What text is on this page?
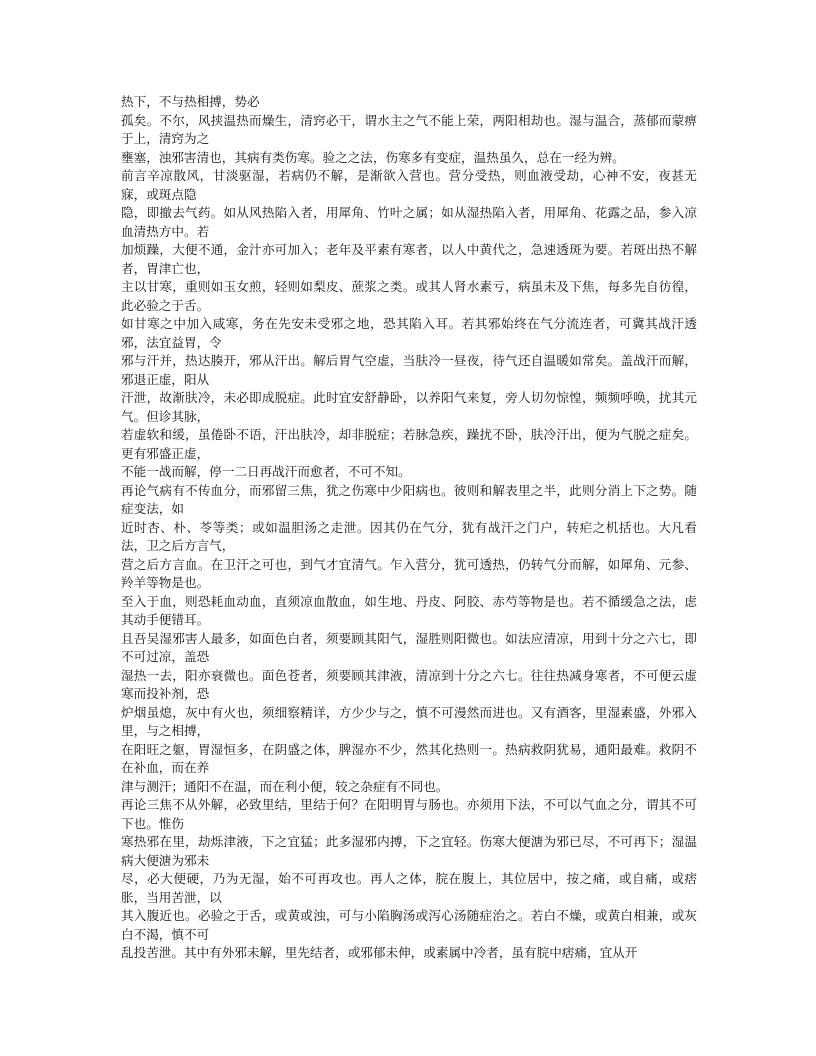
热下，不与热相搏，势必

孤矣。不尔，风挟温热而燥生，清窍必干，谓水主之气不能上荣，两阳相劫也。湿与温合，蒸郁而蒙痹于上，清窍为之

壅塞，浊邪害清也，其病有类伤寒。验之之法，伤寒多有变症，温热虽久，总在一经为辨。

前言辛凉散风，甘淡驱湿，若病仍不解，是渐欲入营也。营分受热，则血液受劫，心神不安，夜甚无寐，或斑点隐

隐，即撤去气药。如从风热陷入者，用犀角、竹叶之属；如从湿热陷入者，用犀角、花露之品，参入凉血清热方中。若

加烦躁，大便不通，金汁亦可加入；老年及平素有寒者，以人中黄代之，急速透斑为要。若斑出热不解者，胃津亡也，

主以甘寒，重则如玉女煎，轻则如梨皮、蔗浆之类。或其人肾水素亏，病虽未及下焦，每多先自彷徨，此必验之于舌。

如甘寒之中加入咸寒，务在先安未受邪之地，恐其陷入耳。若其邪始终在气分流连者，可冀其战汗透邪，法宜益胃，令

邪与汗并，热达腠开，邪从汗出。解后胃气空虚，当肤冷一昼夜，待气还自温暖如常矣。盖战汗而解，邪退正虚，阳从

汗泄，故渐肤冷，未必即成脱症。此时宜安舒静卧，以养阳气来复，旁人切勿惊惶，频频呼唤，扰其元气。但诊其脉，

若虚软和缓，虽倦卧不语，汗出肤冷，却非脱症；若脉急疾，躁扰不卧，肤冷汗出，便为气脱之症矣。更有邪盛正虚，

不能一战而解，停一二日再战汗而愈者，不可不知。

再论气病有不传血分，而邪留三焦，犹之伤寒中少阳病也。彼则和解表里之半，此则分消上下之势。随症变法，如

近时杏、朴、苓等类；或如温胆汤之走泄。因其仍在气分，犹有战汗之门户，转疟之机括也。大凡看法，卫之后方言气，

营之后方言血。在卫汗之可也，到气才宜清气。乍入营分，犹可透热，仍转气分而解，如犀角、元参、羚羊等物是也。

至入于血，则恐耗血动血，直须凉血散血，如生地、丹皮、阿胶、赤芍等物是也。若不循缓急之法，虑其动手便错耳。

且吾吴湿邪害人最多，如面色白者，须要顾其阳气，湿胜则阳微也。如法应清凉，用到十分之六七，即不可过凉，盖恐

湿热一去，阳亦衰微也。面色苍者，须要顾其津液，清凉到十分之六七。往往热减身寒者，不可便云虚寒而投补剂，恐

炉烟虽熄，灰中有火也，须细察精详，方少少与之，慎不可漫然而进也。又有酒客，里湿素盛，外邪入里，与之相搏，

在阳旺之躯，胃湿恒多，在阴盛之体，脾湿亦不少，然其化热则一。热病救阴犹易，通阳最难。救阴不在补血，而在养

津与测汗；通阳不在温，而在利小便，较之杂症有不同也。

再论三焦不从外解，必致里结，里结于何？在阳明胃与肠也。亦须用下法，不可以气血之分，谓其不可下也。惟伤

寒热邪在里，劫烁津液，下之宜猛；此多湿邪内搏，下之宜轻。伤寒大便溏为邪已尽，不可再下；湿温病大便溏为邪未

尽，必大便硬，乃为无湿，始不可再攻也。再人之体，脘在腹上，其位居中，按之痛，或自痛，或痞胀，当用苦泄，以

其入腹近也。必验之于舌，或黄或浊，可与小陷胸汤或泻心汤随症治之。若白不燥，或黄白相兼，或灰白不渴，慎不可

乱投苦泄。其中有外邪未解，里先结者，或邪郁未伸，或素属中冷者，虽有脘中痞痛，宜从开
